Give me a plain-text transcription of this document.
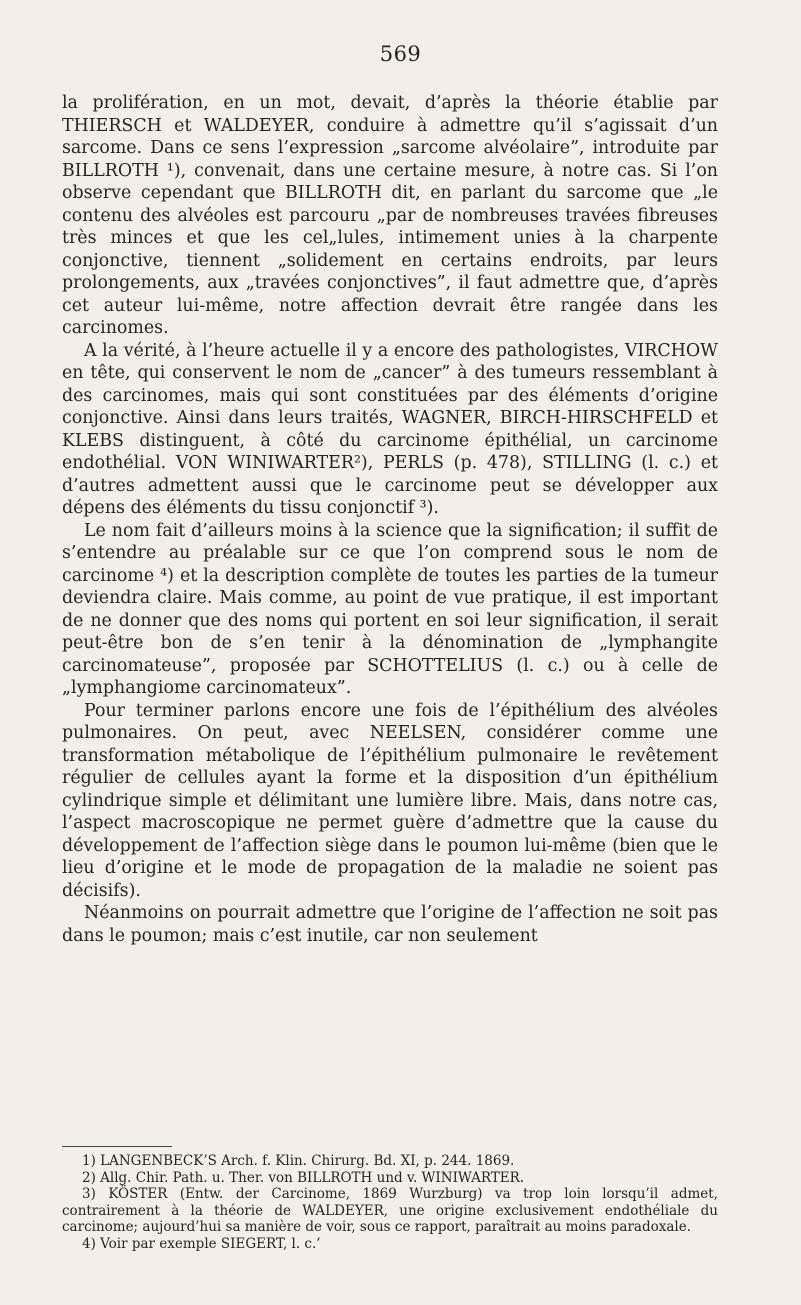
569

la prolifération, en un mot, devait, d’après la théorie établie par THIERSCH et WALDEYER, conduire à admettre qu’il s’agissait d’un sarcome. Dans ce sens l’expression „sarcome alvéolaire”, introduite par BILLROTH ¹), convenait, dans une certaine mesure, à notre cas. Si l’on observe cependant que BILLROTH dit, en parlant du sarcome que „le contenu des alvéoles est parcouru „par de nombreuses travées fibreuses très minces et que les cel„lules, intimement unies à la charpente conjonctive, tiennent „solidement en certains endroits, par leurs prolongements, aux „travées conjonctives”, il faut admettre que, d’après cet auteur lui-même, notre affection devrait être rangée dans les carcinomes.

A la vérité, à l’heure actuelle il y a encore des pathologistes, VIRCHOW en tête, qui conservent le nom de „cancer” à des tumeurs ressemblant à des carcinomes, mais qui sont constituées par des éléments d’origine conjonctive. Ainsi dans leurs traités, WAGNER, BIRCH-HIRSCHFELD et KLEBS distinguent, à côté du carcinome épithélial, un carcinome endothélial. VON WINIWARTER²), PERLS (p. 478), STILLING (l. c.) et d’autres admettent aussi que le carcinome peut se développer aux dépens des éléments du tissu conjonctif ³).

Le nom fait d’ailleurs moins à la science que la signification; il suffit de s’entendre au préalable sur ce que l’on comprend sous le nom de carcinome ⁴) et la description complète de toutes les parties de la tumeur deviendra claire. Mais comme, au point de vue pratique, il est important de ne donner que des noms qui portent en soi leur signification, il serait peut-être bon de s’en tenir à la dénomination de „lymphangite carcinomateuse”, proposée par SCHOTTELIUS (l. c.) ou à celle de „lymphangiome carcinomateux”.

Pour terminer parlons encore une fois de l’épithélium des alvéoles pulmonaires. On peut, avec NEELSEN, considérer comme une transformation métabolique de l’épithélium pulmonaire le revêtement régulier de cellules ayant la forme et la disposition d’un épithélium cylindrique simple et délimitant une lumière libre. Mais, dans notre cas, l’aspect macroscopique ne permet guère d’admettre que la cause du développement de l’affection siège dans le poumon lui-même (bien que le lieu d’origine et le mode de propagation de la maladie ne soient pas décisifs).

Néanmoins on pourrait admettre que l’origine de l’affection ne soit pas dans le poumon; mais c’est inutile, car non seulement

1) LANGENBECK’S Arch. f. Klin. Chirurg. Bd. XI, p. 244. 1869.

2) Allg. Chir. Path. u. Ther. von BILLROTH und v. WINIWARTER.

3) KÖSTER (Entw. der Carcinome, 1869 Wurzburg) va trop loin lorsqu’il admet, contrairement à la théorie de WALDEYER, une origine exclusivement endothéliale du carcinome; aujourd’hui sa manière de voir, sous ce rapport, paraîtrait au moins paradoxale.

4) Voir par exemple SIEGERT, l. c.’
